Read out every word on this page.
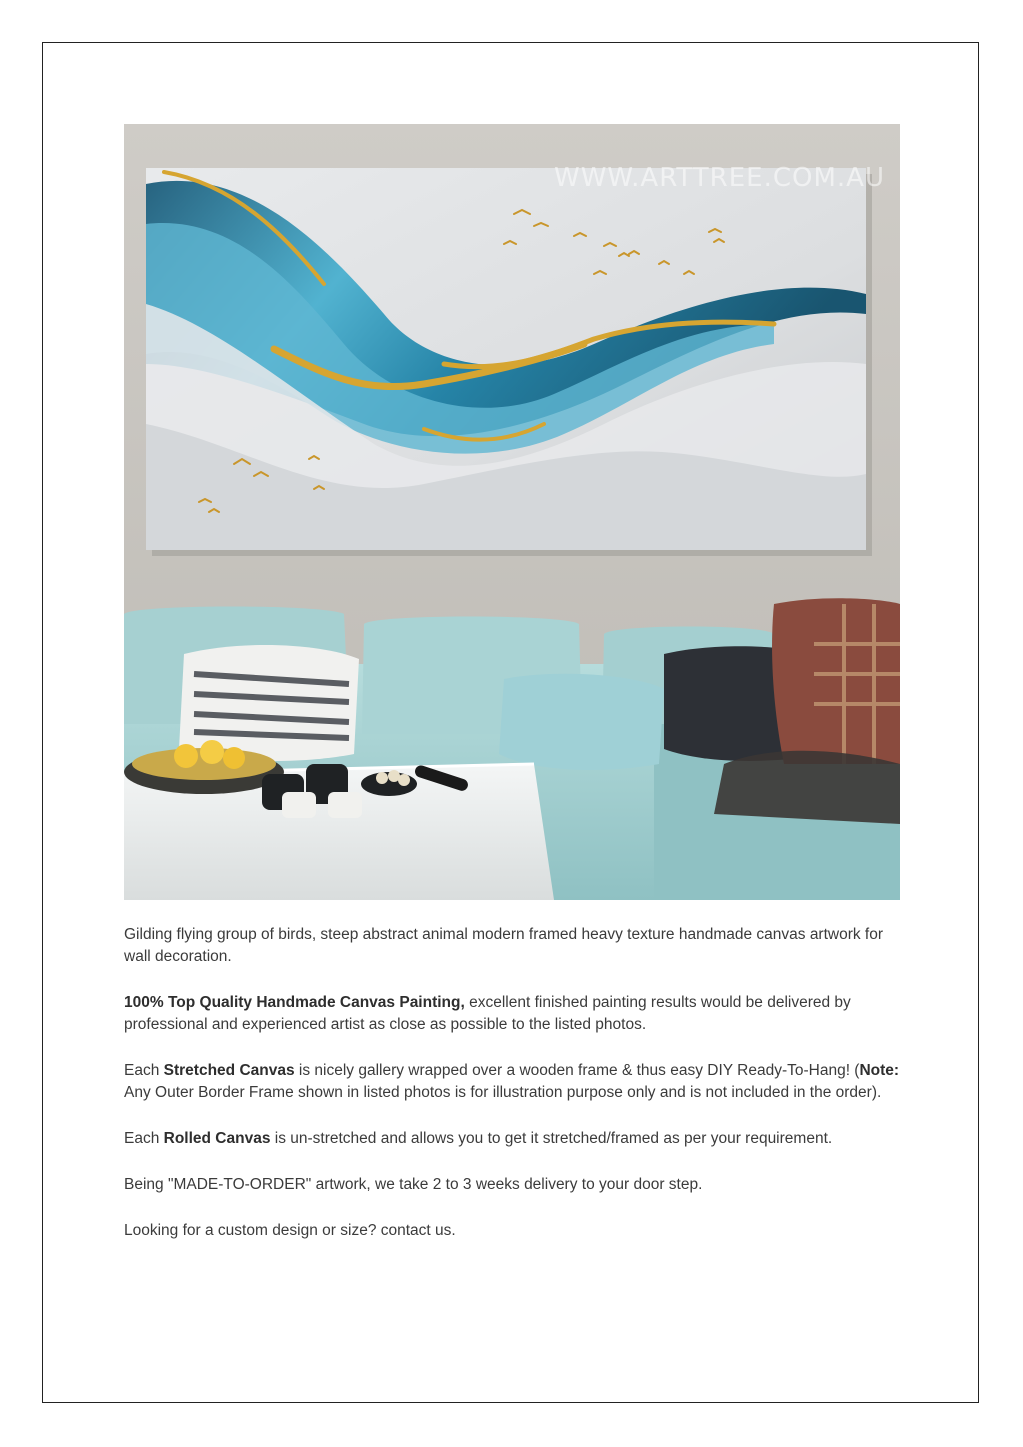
WWW.ARTTREE.COM.AU

Gilding flying group of birds, steep abstract animal modern framed heavy texture handmade canvas artwork for wall decoration.

100% Top Quality Handmade Canvas Painting, excellent finished painting results would be delivered by professional and experienced artist as close as possible to the listed photos.

Each Stretched Canvas is nicely gallery wrapped over a wooden frame & thus easy DIY Ready-To-Hang! (Note: Any Outer Border Frame shown in listed photos is for illustration purpose only and is not included in the order).

Each Rolled Canvas is un-stretched and allows you to get it stretched/framed as per your requirement.

Being "MADE-TO-ORDER" artwork, we take 2 to 3 weeks delivery to your door step.

Looking for a custom design or size? contact us.
